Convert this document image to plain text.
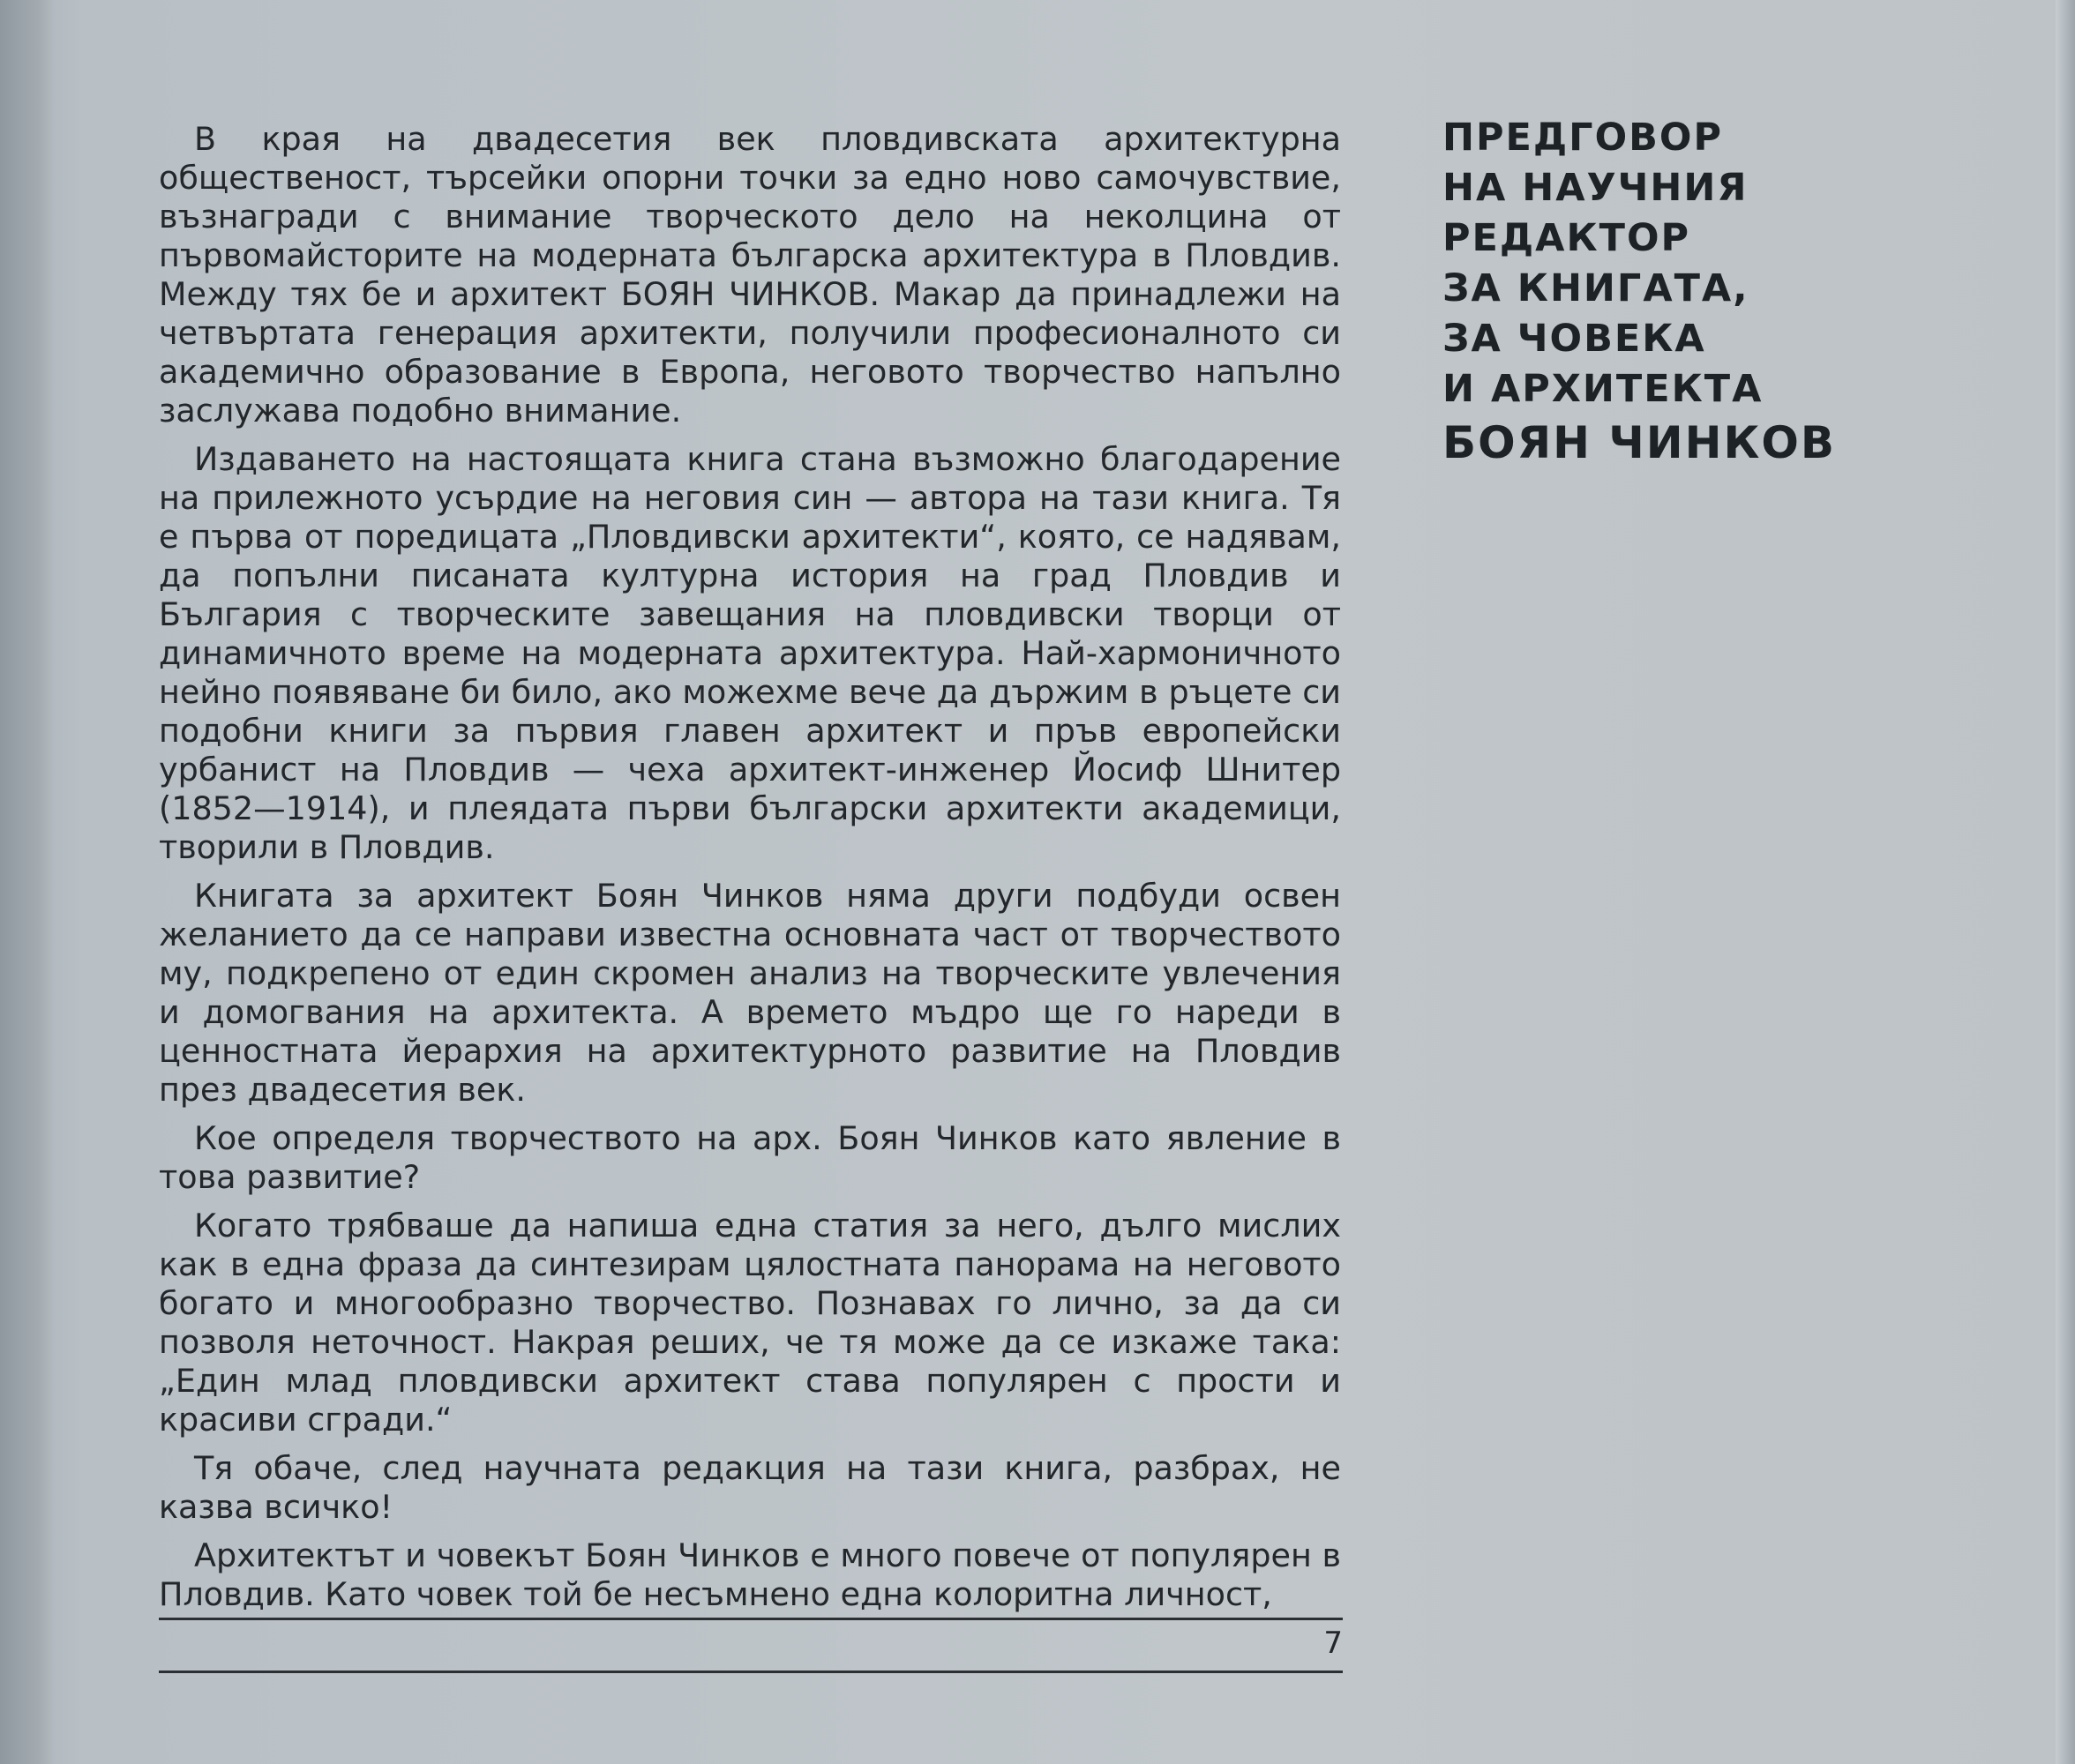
В края на двадесетия век пловдивската архитектурна общественост, търсейки опорни точки за едно ново самочувствие, възнагради с внимание творческото дело на неколцина от първомайсторите на модерната българска архитектура в Пловдив. Между тях бе и архитект БОЯН ЧИНКОВ. Макар да принадлежи на четвъртата генерация архитекти, получили професионалното си академично образование в Европа, неговото творчество напълно заслужава подобно внимание.

Издаването на настоящата книга стана възможно благодарение на прилежното усърдие на неговия син — автора на тази книга. Тя е първа от поредицата „Пловдивски архитекти“, която, се надявам, да попълни писаната културна история на град Пловдив и България с творческите завещания на пловдивски творци от динамичното време на модерната архитектура. Най-хармоничното нейно появяване би било, ако можехме вече да държим в ръцете си подобни книги за първия главен архитект и пръв европейски урбанист на Пловдив — чеха архитект-инженер Йосиф Шнитер (1852—1914), и плеядата първи български архитекти академици, творили в Пловдив.

Книгата за архитект Боян Чинков няма други подбуди освен желанието да се направи известна основната част от творчеството му, подкрепено от един скромен анализ на творческите увлечения и домогвания на архитекта. А времето мъдро ще го нареди в ценностната йерархия на архитектурното развитие на Пловдив през двадесетия век.

Кое определя творчеството на арх. Боян Чинков като явление в това развитие?

Когато трябваше да напиша една статия за него, дълго мислих как в една фраза да синтезирам цялостната панорама на неговото богато и многообразно творчество. Познавах го лично, за да си позволя неточност. Накрая реших, че тя може да се изкаже така: „Един млад пловдивски архитект става популярен с прости и красиви сгради.“

Тя обаче, след научната редакция на тази книга, разбрах, не казва всичко!

Архитектът и човекът Боян Чинков е много повече от популярен в Пловдив. Като човек той бе несъмнено една колоритна личност,

ПРЕДГОВОР
НА НАУЧНИЯ
РЕДАКТОР
ЗА КНИГАТА,
ЗА ЧОВЕКА
И АРХИТЕКТА
БОЯН ЧИНКОВ
7
